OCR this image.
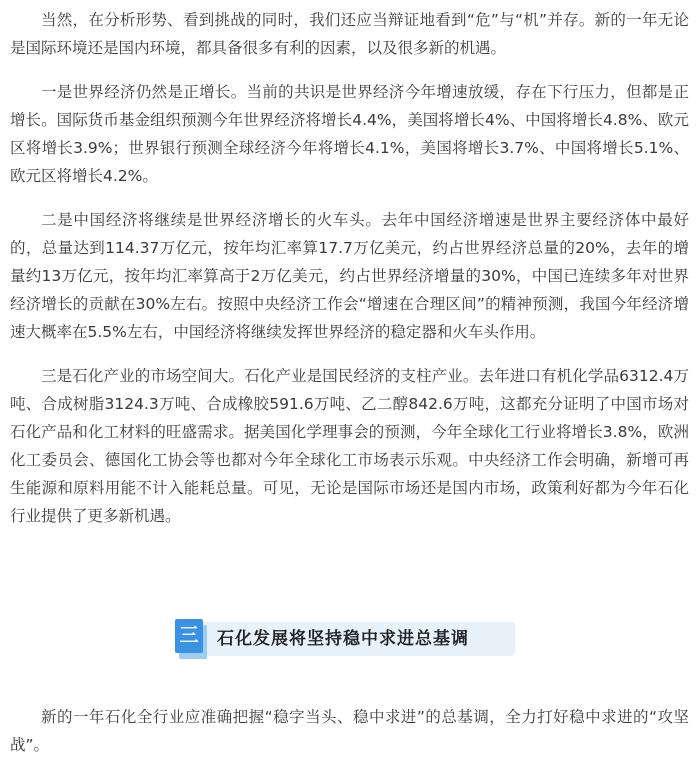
当然，在分析形势、看到挑战的同时，我们还应当辩证地看到“危”与“机”并存。新的一年无论是国际环境还是国内环境，都具备很多有利的因素，以及很多新的机遇。

一是世界经济仍然是正增长。当前的共识是世界经济今年增速放缓，存在下行压力，但都是正增长。国际货币基金组织预测今年世界经济将增长4.4%，美国将增长4%、中国将增长4.8%、欧元区将增长3.9%；世界银行预测全球经济今年将增长4.1%，美国将增长3.7%、中国将增长5.1%、欧元区将增长4.2%。

二是中国经济将继续是世界经济增长的火车头。去年中国经济增速是世界主要经济体中最好的，总量达到114.37万亿元，按年均汇率算17.7万亿美元，约占世界经济总量的20%，去年的增量约13万亿元，按年均汇率算高于2万亿美元，约占世界经济增量的30%，中国已连续多年对世界经济增长的贡献在30%左右。按照中央经济工作会“增速在合理区间”的精神预测，我国今年经济增速大概率在5.5%左右，中国经济将继续发挥世界经济的稳定器和火车头作用。

三是石化产业的市场空间大。石化产业是国民经济的支柱产业。去年进口有机化学品6312.4万吨、合成树脂3124.3万吨、合成橡胶591.6万吨、乙二醇842.6万吨，这都充分证明了中国市场对石化产品和化工材料的旺盛需求。据美国化学理事会的预测，今年全球化工行业将增长3.8%，欧洲化工委员会、德国化工协会等也都对今年全球化工市场表示乐观。中央经济工作会明确，新增可再生能源和原料用能不计入能耗总量。可见，无论是国际市场还是国内市场，政策利好都为今年石化行业提供了更多新机遇。

三 石化发展将坚持稳中求进总基调

新的一年石化全行业应准确把握“稳字当头、稳中求进”的总基调，全力打好稳中求进的“攻坚战”。
